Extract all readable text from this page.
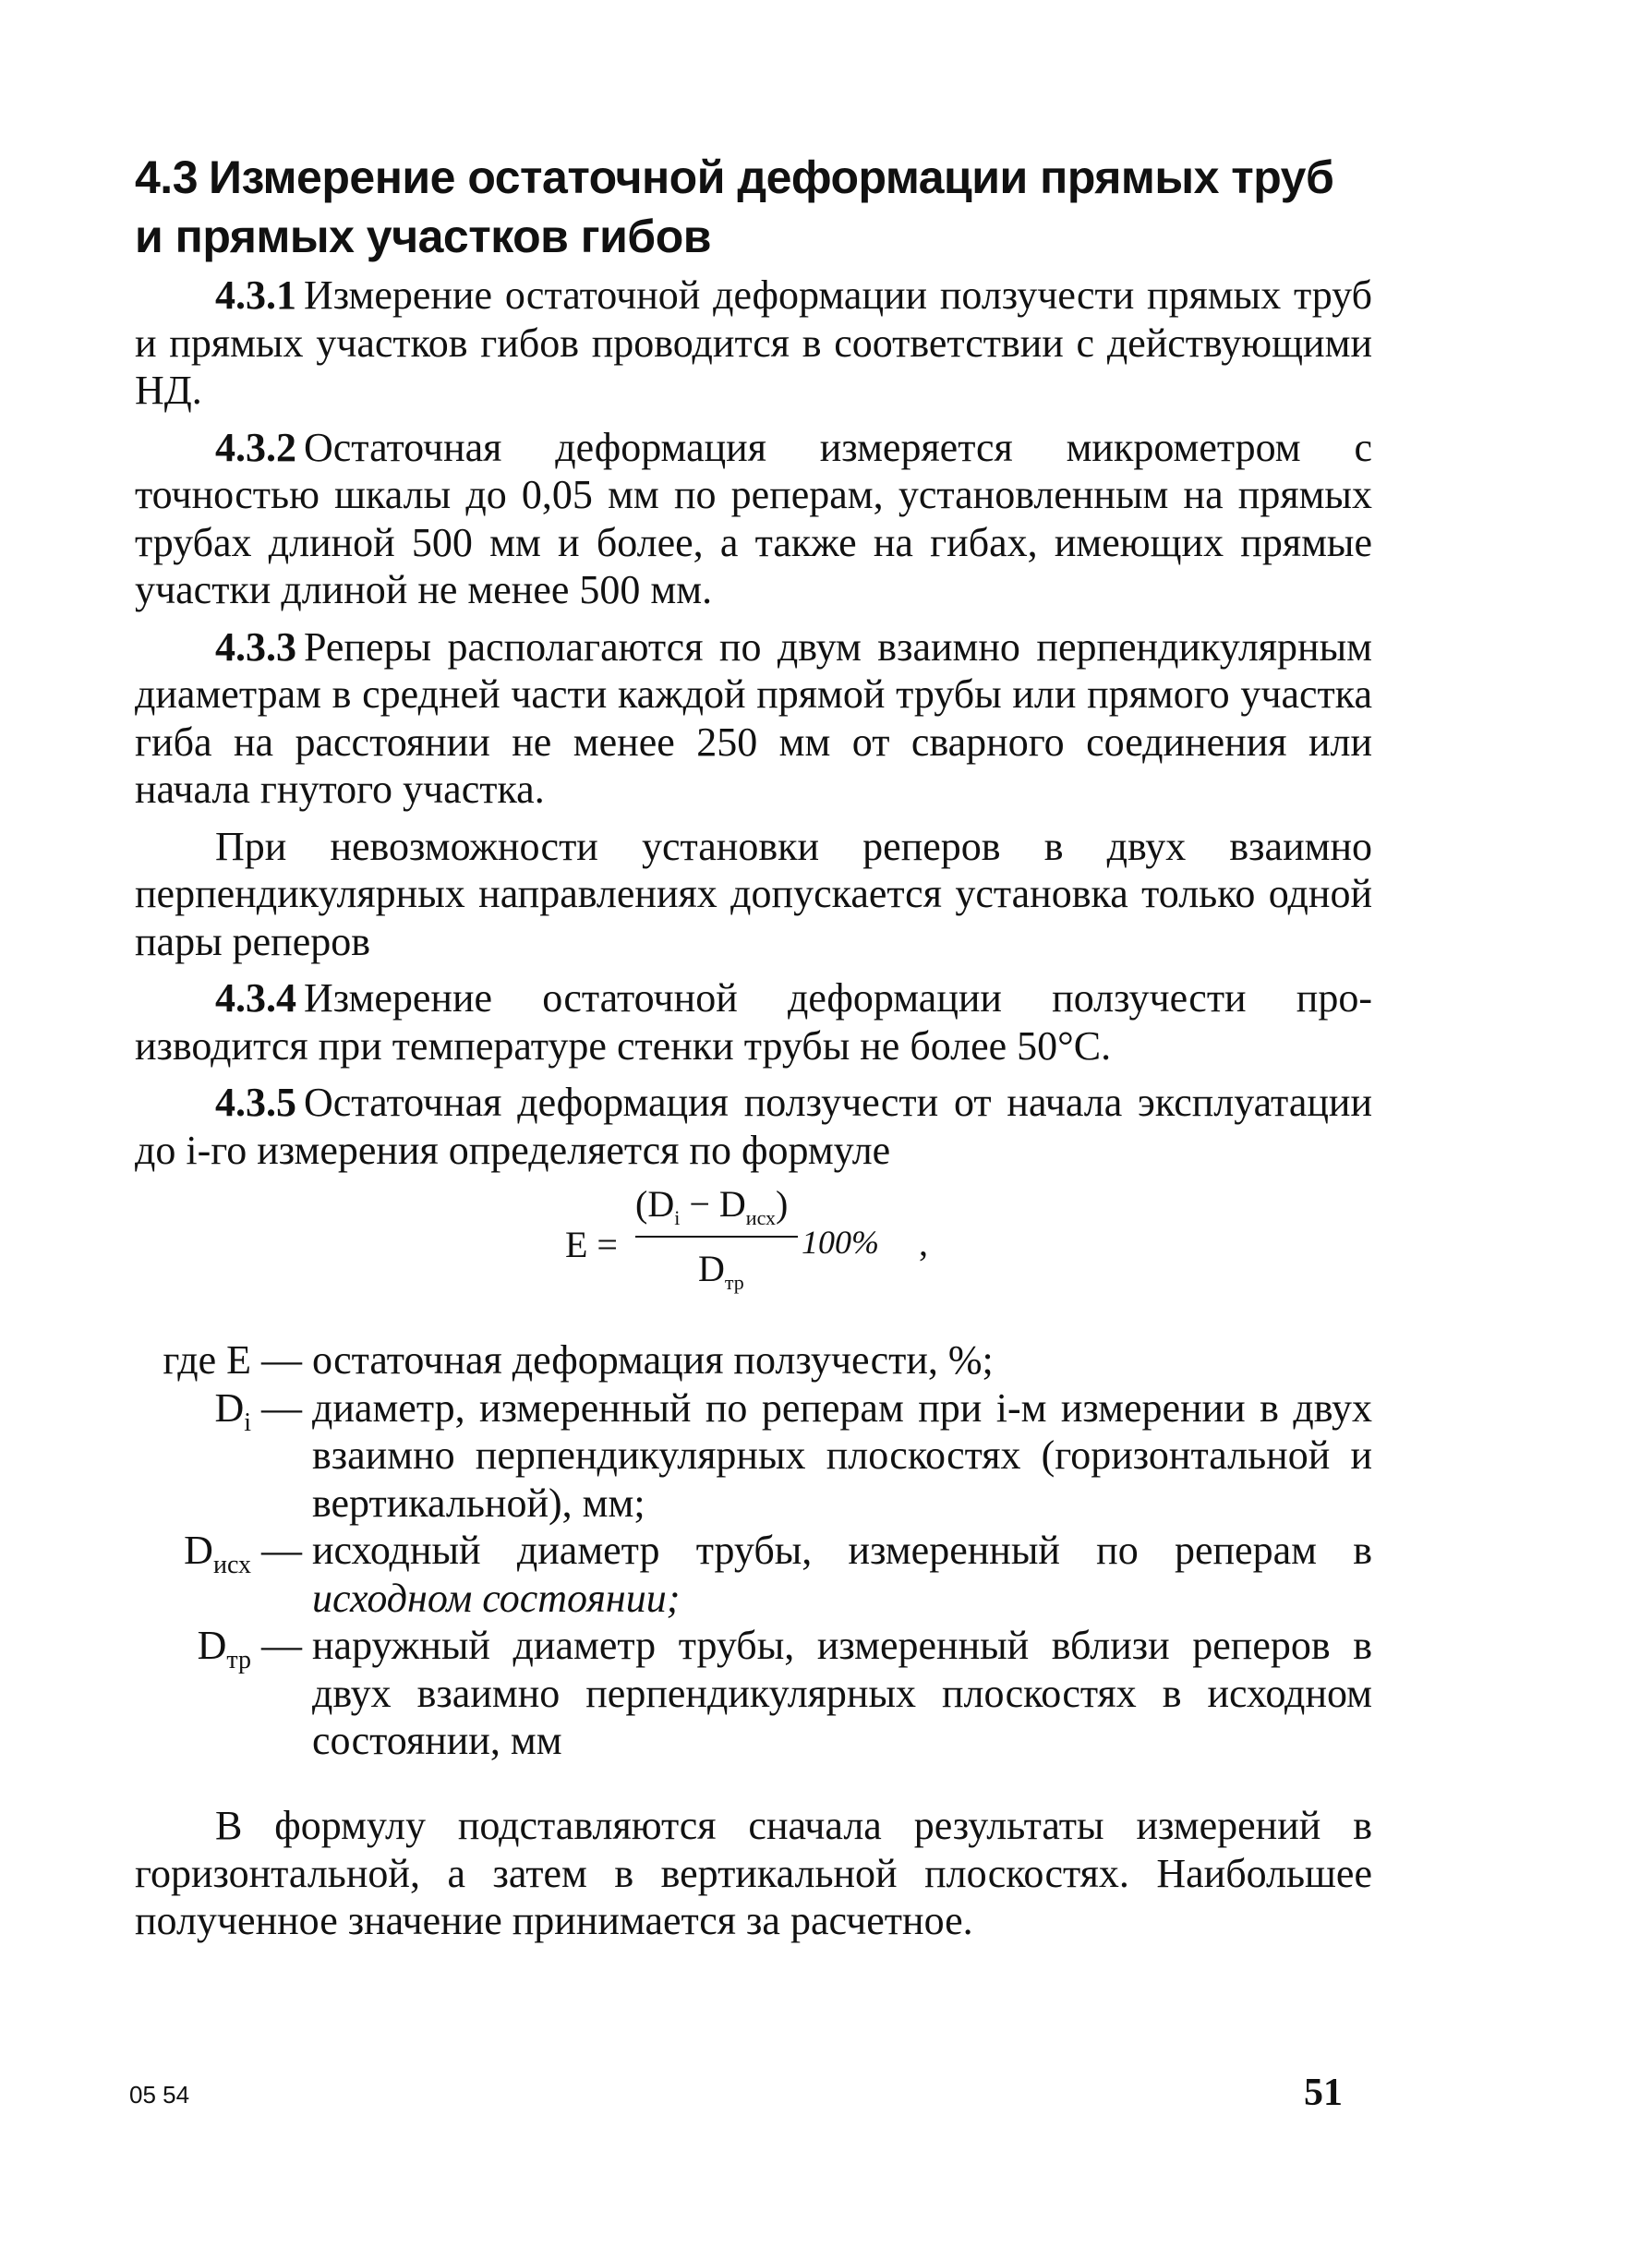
4.3 Измерение остаточной деформации прямых труб
и прямых участков гибов

4.3.1 Измерение остаточной деформации ползучести прямых труб и прямых участков гибов проводится в соответствии с действующими НД.

4.3.2 Остаточная деформация измеряется микрометром с точностью шкалы до 0,05 мм по реперам, установленным на прямых трубах длиной 500 мм и более, а также на гибах, имеющих прямые участки длиной не менее 500 мм.

4.3.3 Реперы располагаются по двум взаимно перпендикулярным диаметрам в средней части каждой прямой трубы или прямого участка гиба на расстоянии не менее 250 мм от сварного соединения или начала гнутого участка.

При невозможности установки реперов в двух взаимно перпендикулярных направлениях допускается установка только одной пары реперов

4.3.4 Измерение остаточной деформации ползучести производится при температуре стенки трубы не более 50°С.

4.3.5 Остаточная деформация ползучести от начала эксплуатации до i-го измерения определяется по формуле

E =
$(D_i - D_{исх})$
100% ,
$D_{тр}$
где E — остаточная деформация ползучести, %;
$D_i$ — диаметр, измеренный по реперам при i-м измерении в двух взаимно перпендикулярных плоскостях (горизонтальной и вертикальной), мм;
$D_{исх}$ — исходный диаметр трубы, измеренный по реперам в исходном состоянии;
$D_{тр}$ — наружный диаметр трубы, измеренный вблизи реперов в двух взаимно перпендикулярных плоскостях в исходном состоянии, мм

В формулу подставляются сначала результаты измерений в горизонтальной, а затем в вертикальной плоскостях. Наибольшее полученное значение принимается за расчетное.

05 54	51
